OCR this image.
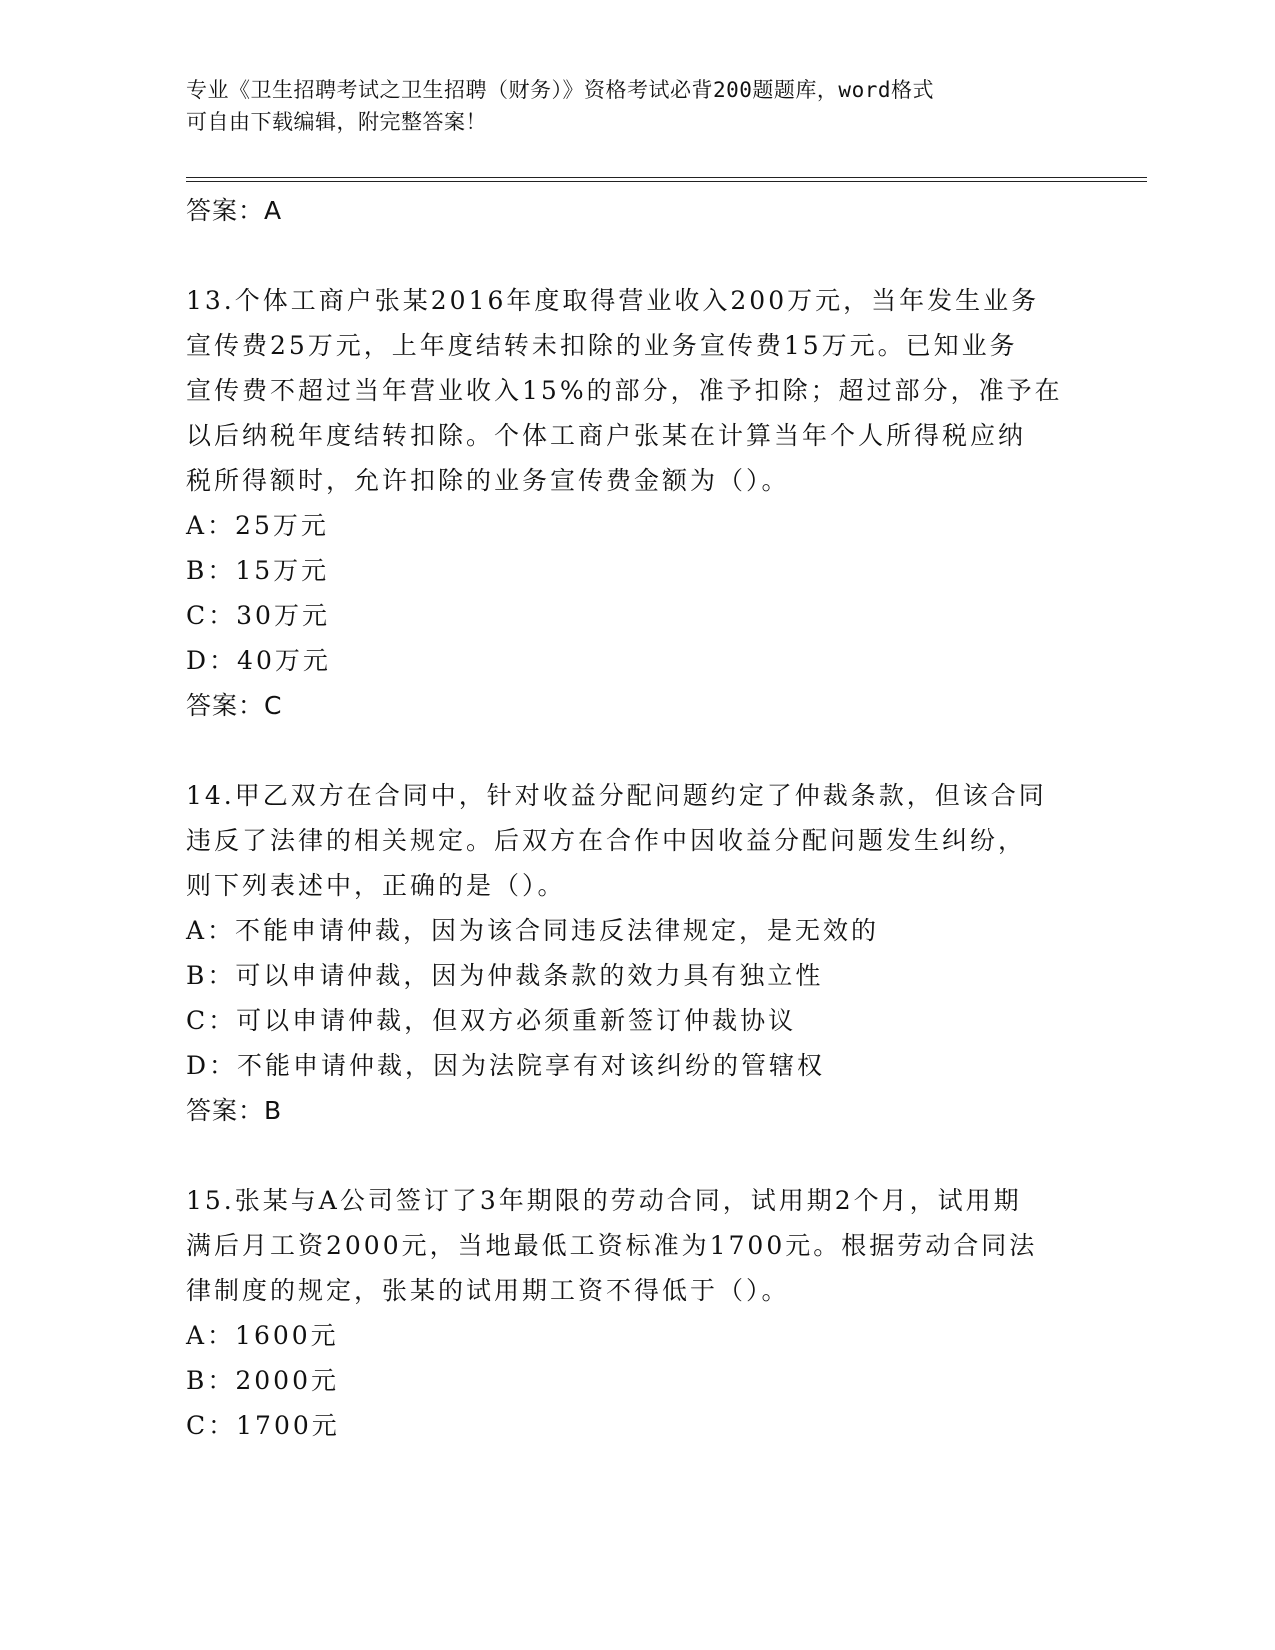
专业《卫生招聘考试之卫生招聘（财务）》资格考试必背200题题库，word格式
可自由下载编辑，附完整答案！
答案：A
13.个体工商户张某2016年度取得营业收入200万元，当年发生业务
宣传费25万元，上年度结转未扣除的业务宣传费15万元。已知业务
宣传费不超过当年营业收入15%的部分，准予扣除；超过部分，准予在
以后纳税年度结转扣除。个体工商户张某在计算当年个人所得税应纳
税所得额时，允许扣除的业务宣传费金额为（）。
A：25万元
B：15万元
C：30万元
D：40万元
答案：C
14.甲乙双方在合同中，针对收益分配问题约定了仲裁条款，但该合同
违反了法律的相关规定。后双方在合作中因收益分配问题发生纠纷，
则下列表述中，正确的是（）。
A：不能申请仲裁，因为该合同违反法律规定，是无效的
B：可以申请仲裁，因为仲裁条款的效力具有独立性
C：可以申请仲裁，但双方必须重新签订仲裁协议
D：不能申请仲裁，因为法院享有对该纠纷的管辖权
答案：B
15.张某与A公司签订了3年期限的劳动合同，试用期2个月，试用期
满后月工资2000元，当地最低工资标准为1700元。根据劳动合同法
律制度的规定，张某的试用期工资不得低于（）。
A：1600元
B：2000元
C：1700元
